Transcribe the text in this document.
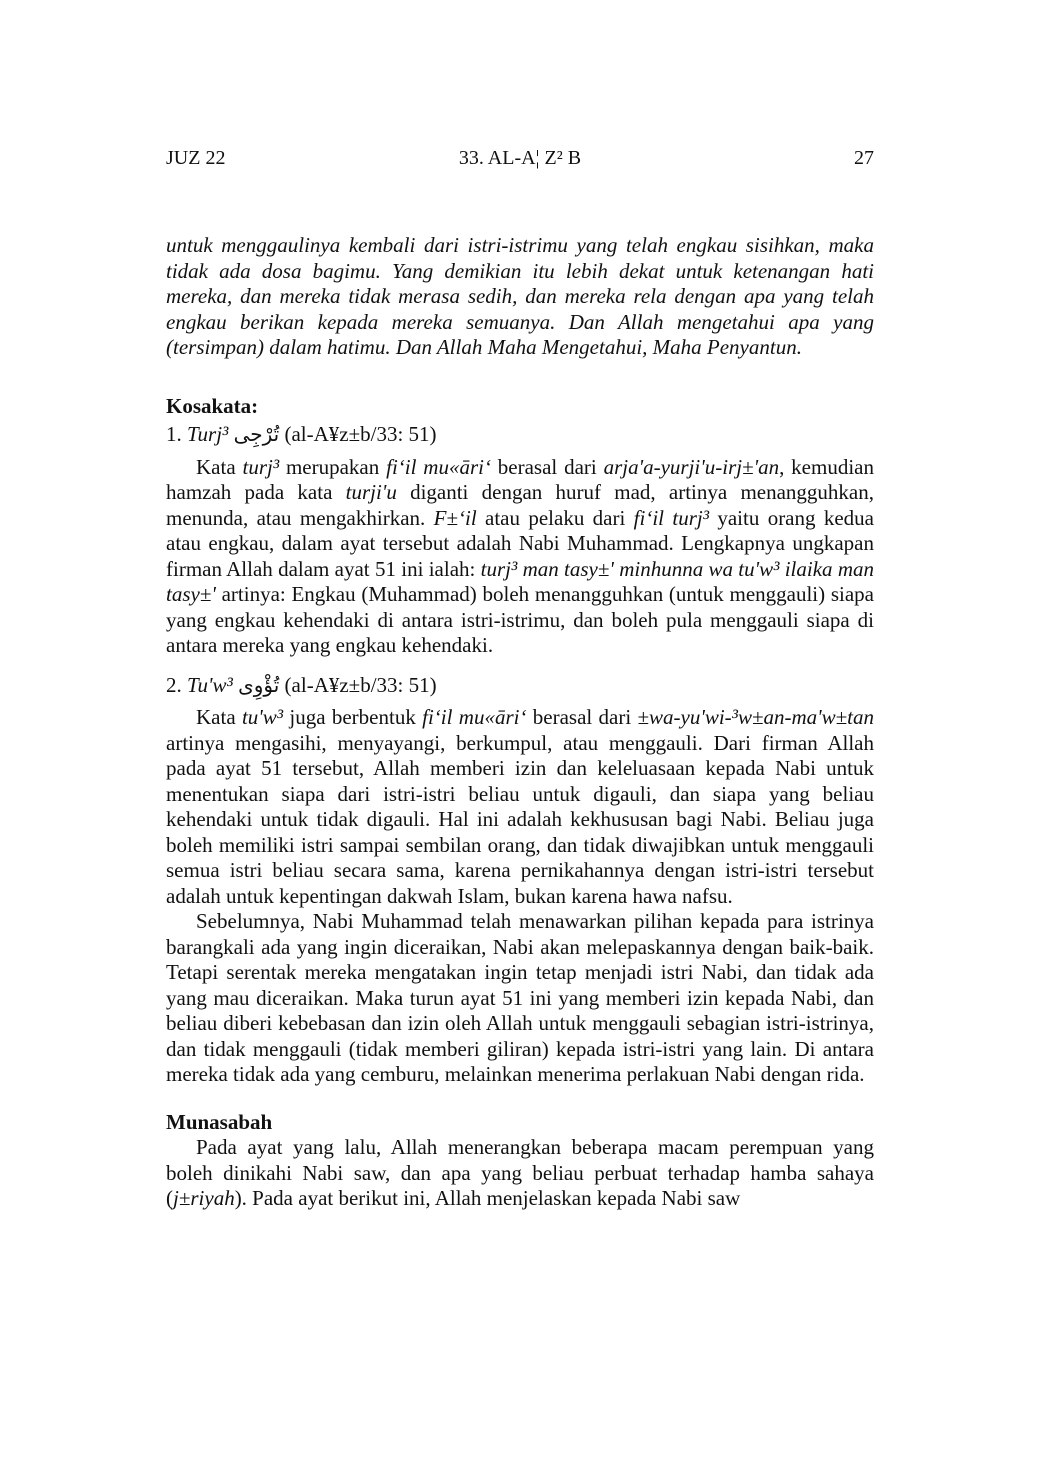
JUZ 22	33. AL-A¦ Z² B	27

untuk menggaulinya kembali dari istri-istrimu yang telah engkau sisihkan, maka tidak ada dosa bagimu. Yang demikian itu lebih dekat untuk ketenangan hati mereka, dan mereka tidak merasa sedih, dan mereka rela dengan apa yang telah engkau berikan kepada mereka semuanya. Dan Allah mengetahui apa yang (tersimpan) dalam hatimu. Dan Allah Maha Mengetahui, Maha Penyantun.

Kosakata:

1. Turj³ تُرْجِى (al-A¥z±b/33: 51)

Kata turj³ merupakan fi‘il mu«āri‘ berasal dari arja'a-yurji'u-irj±'an, kemudian hamzah pada kata turji'u diganti dengan huruf mad, artinya menangguhkan, menunda, atau mengakhirkan. F±‘il atau pelaku dari fi‘il turj³ yaitu orang kedua atau engkau, dalam ayat tersebut adalah Nabi Muhammad. Lengkapnya ungkapan firman Allah dalam ayat 51 ini ialah: turj³ man tasy±' minhunna wa tu'w³ ilaika man tasy±' artinya: Engkau (Muhammad) boleh menangguhkan (untuk menggauli) siapa yang engkau kehendaki di antara istri-istrimu, dan boleh pula menggauli siapa di antara mereka yang engkau kehendaki.

2. Tu'w³ تُؤْوِى (al-A¥z±b/33: 51)

Kata tu'w³ juga berbentuk fi‘il mu«āri‘ berasal dari ±wa-yu'wi-³w±an-ma'w±tan artinya mengasihi, menyayangi, berkumpul, atau menggauli. Dari firman Allah pada ayat 51 tersebut, Allah memberi izin dan keleluasaan kepada Nabi untuk menentukan siapa dari istri-istri beliau untuk digauli, dan siapa yang beliau kehendaki untuk tidak digauli. Hal ini adalah kekhususan bagi Nabi. Beliau juga boleh memiliki istri sampai sembilan orang, dan tidak diwajibkan untuk menggauli semua istri beliau secara sama, karena pernikahannya dengan istri-istri tersebut adalah untuk kepentingan dakwah Islam, bukan karena hawa nafsu.

Sebelumnya, Nabi Muhammad telah menawarkan pilihan kepada para istrinya barangkali ada yang ingin diceraikan, Nabi akan melepaskannya dengan baik-baik. Tetapi serentak mereka mengatakan ingin tetap menjadi istri Nabi, dan tidak ada yang mau diceraikan. Maka turun ayat 51 ini yang memberi izin kepada Nabi, dan beliau diberi kebebasan dan izin oleh Allah untuk menggauli sebagian istri-istrinya, dan tidak menggauli (tidak memberi giliran) kepada istri-istri yang lain. Di antara mereka tidak ada yang cemburu, melainkan menerima perlakuan Nabi dengan rida.

Munasabah

Pada ayat yang lalu, Allah menerangkan beberapa macam perempuan yang boleh dinikahi Nabi saw, dan apa yang beliau perbuat terhadap hamba sahaya (j±riyah). Pada ayat berikut ini, Allah menjelaskan kepada Nabi saw
